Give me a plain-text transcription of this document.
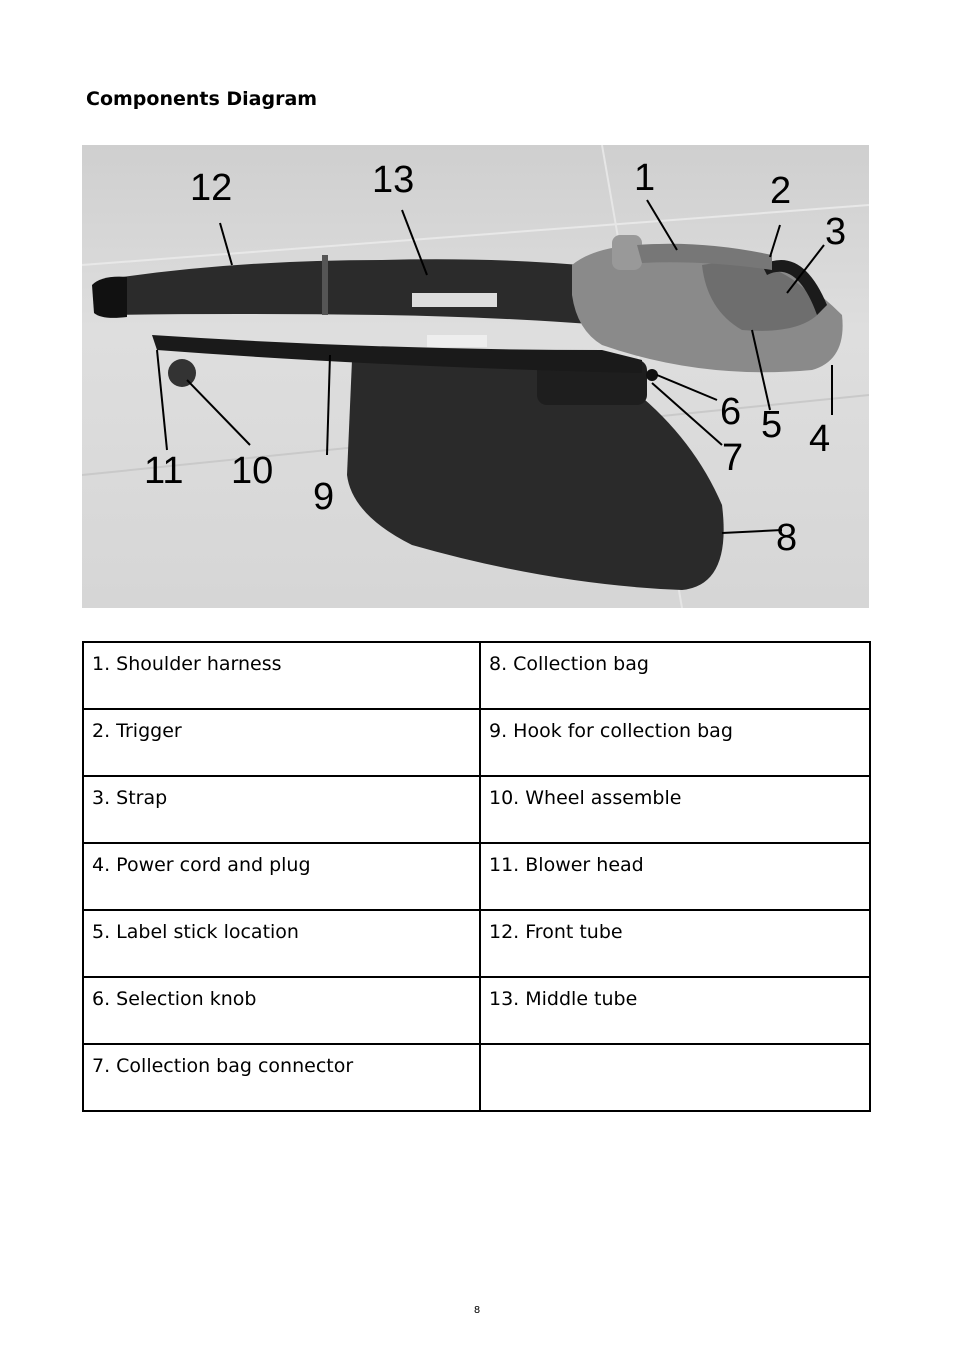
Components Diagram
12	13	1	2
3
6 5 4
7
8
11 10
9
1. Shoulder harness	8. Collection bag
2. Trigger	9. Hook for collection bag
3. Strap	10. Wheel assemble
4. Power cord and plug	11. Blower head
5. Label stick location	12. Front tube
6. Selection knob	13. Middle tube
7. Collection bag connector	
8
